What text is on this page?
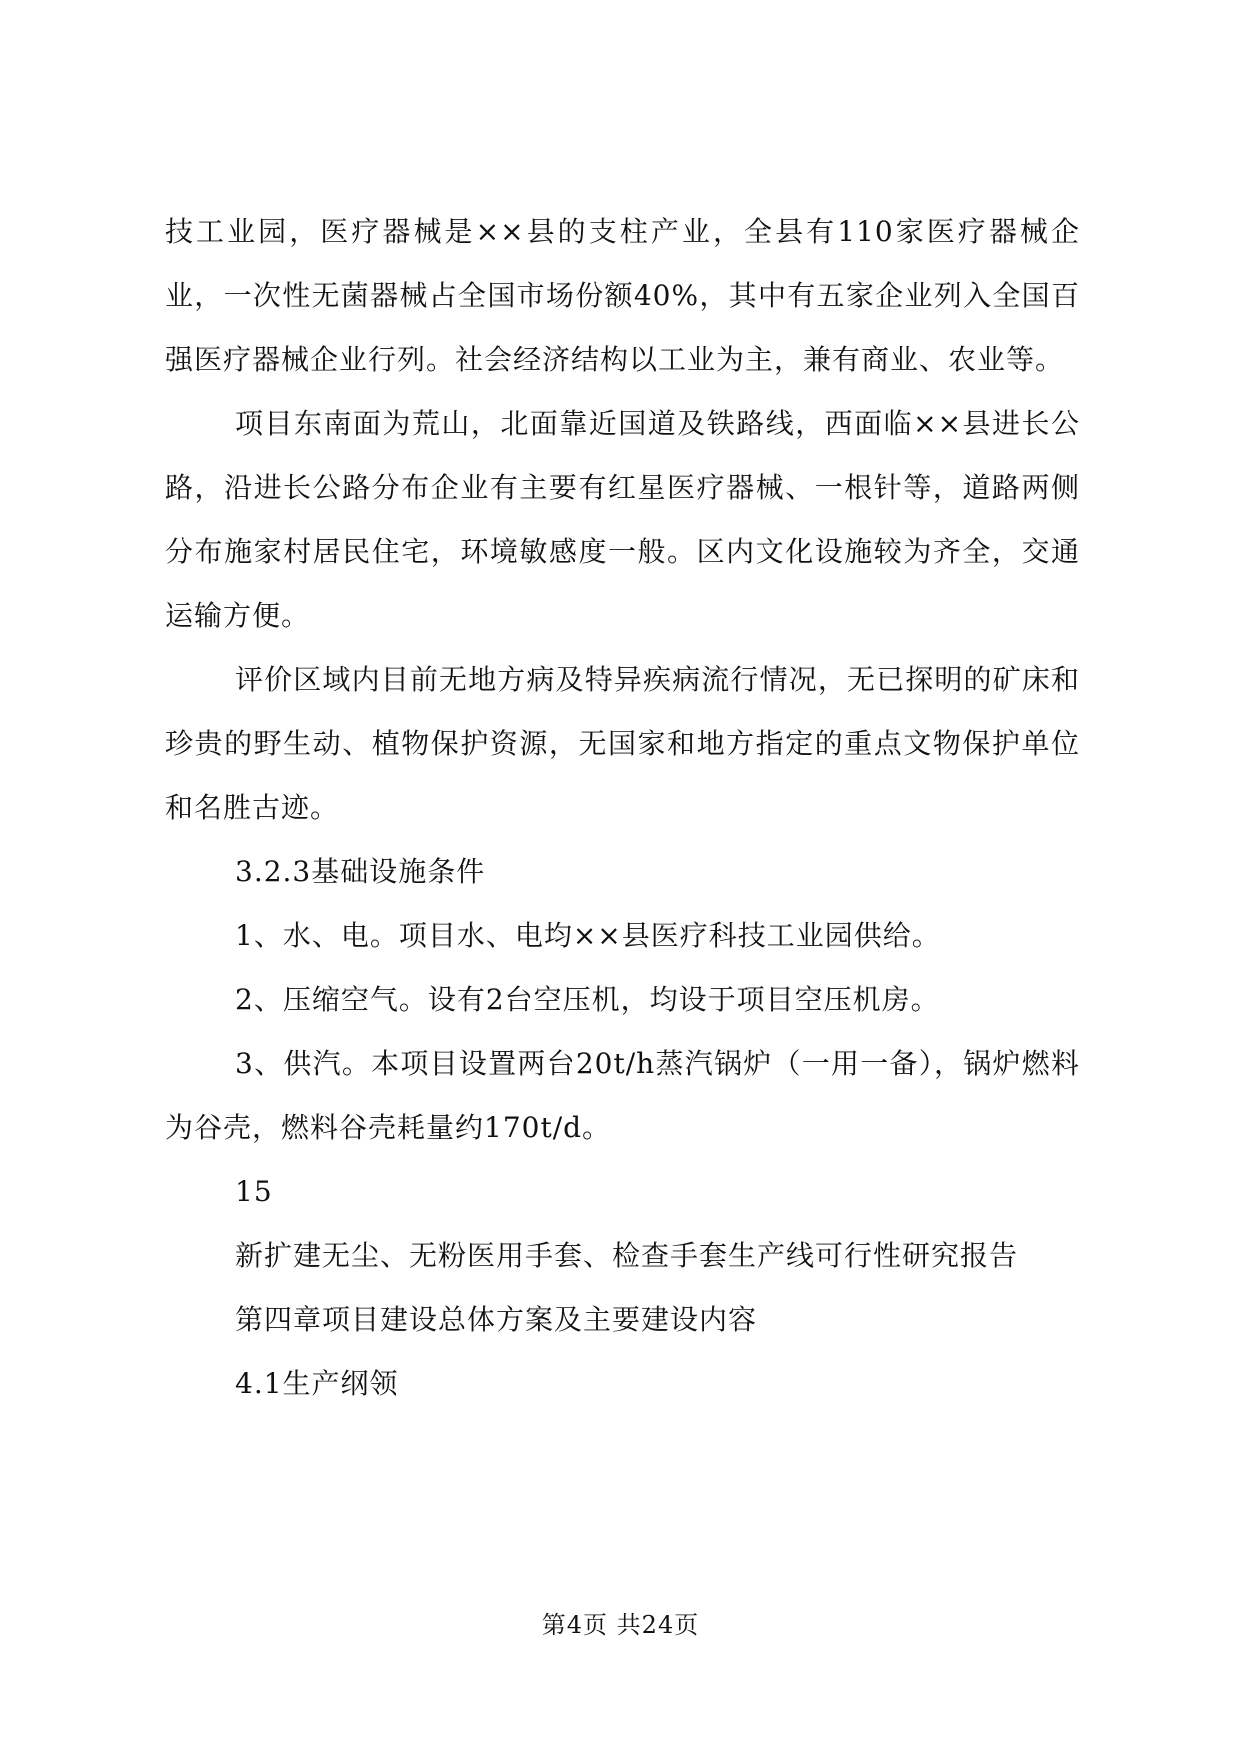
技工业园，医疗器械是××县的支柱产业，全县有110家医疗器械企业，一次性无菌器械占全国市场份额40%，其中有五家企业列入全国百强医疗器械企业行列。社会经济结构以工业为主，兼有商业、农业等。

项目东南面为荒山，北面靠近国道及铁路线，西面临××县进长公路，沿进长公路分布企业有主要有红星医疗器械、一根针等，道路两侧分布施家村居民住宅，环境敏感度一般。区内文化设施较为齐全，交通运输方便。

评价区域内目前无地方病及特异疾病流行情况，无已探明的矿床和珍贵的野生动、植物保护资源，无国家和地方指定的重点文物保护单位和名胜古迹。

3.2.3基础设施条件

1、水、电。项目水、电均××县医疗科技工业园供给。

2、压缩空气。设有2台空压机，均设于项目空压机房。

3、供汽。本项目设置两台20t/h蒸汽锅炉（一用一备），锅炉燃料为谷壳，燃料谷壳耗量约170t/d。

15

新扩建无尘、无粉医用手套、检查手套生产线可行性研究报告

第四章项目建设总体方案及主要建设内容

4.1生产纲领

第4页 共24页
